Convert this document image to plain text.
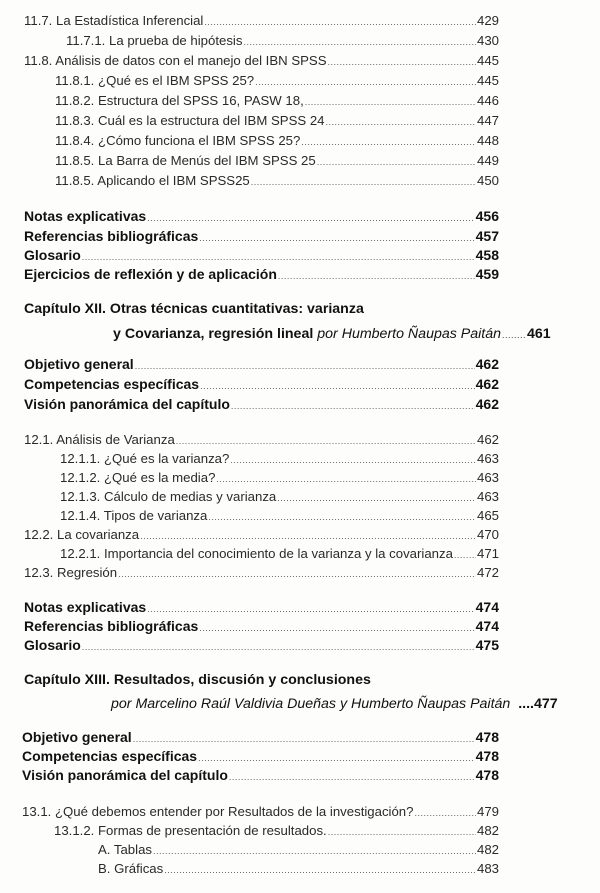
11.7. La Estadística Inferencial .....	429
11.7.1. La prueba de hipótesis .....	430
11.8. Análisis de datos con el manejo del IBN SPSS .....	445
11.8.1. ¿Qué es el IBM SPSS 25? .....	445
11.8.2. Estructura del SPSS 16, PASW 18, .....	446
11.8.3. Cuál es la estructura del IBM SPSS 24 .....	447
11.8.4. ¿Cómo funciona el IBM SPSS 25? .....	448
11.8.5. La Barra de Menús del IBM SPSS 25 .....	449
11.8.5. Aplicando el IBM SPSS25 .....	450
Notas explicativas .....	456
Referencias bibliográficas .....	457
Glosario .....	458
Ejercicios de reflexión y de aplicación .....	459
Capítulo XII. Otras técnicas cuantitativas: varianza
y Covarianza, regresión lineal
por
Humberto Ñaupas Paitán ........ 461
Objetivo general .....	462
Competencias específicas .....	462
Visión panorámica del capítulo .....	462
12.1. Análisis de Varianza .....	462
12.1.1. ¿Qué es la varianza? .....	463
12.1.2. ¿Qué es la media? .....	463
12.1.3. Cálculo de medias y varianza .....	463
12.1.4. Tipos de varianza .....	465
12.2. La covarianza .....	470
12.2.1. Importancia del conocimiento de la varianza y la covarianza ..... 471
12.3. Regresión .....	472
Notas explicativas .....	474
Referencias bibliográficas .....	474
Glosario .....	475
Capítulo XIII. Resultados, discusión y conclusiones
por Marcelino Raúl Valdivia Dueñas y Humberto Ñaupas Paitán
.... 477
Objetivo general .....	478
Competencias específicas .....	478
Visión panorámica del capítulo .....	478
13.1. ¿Qué debemos entender por Resultados de la investigación? .....	479
13.1.2. Formas de presentación de resultados. .....	482
A. Tablas .....	482
B. Gráficas .....	483
